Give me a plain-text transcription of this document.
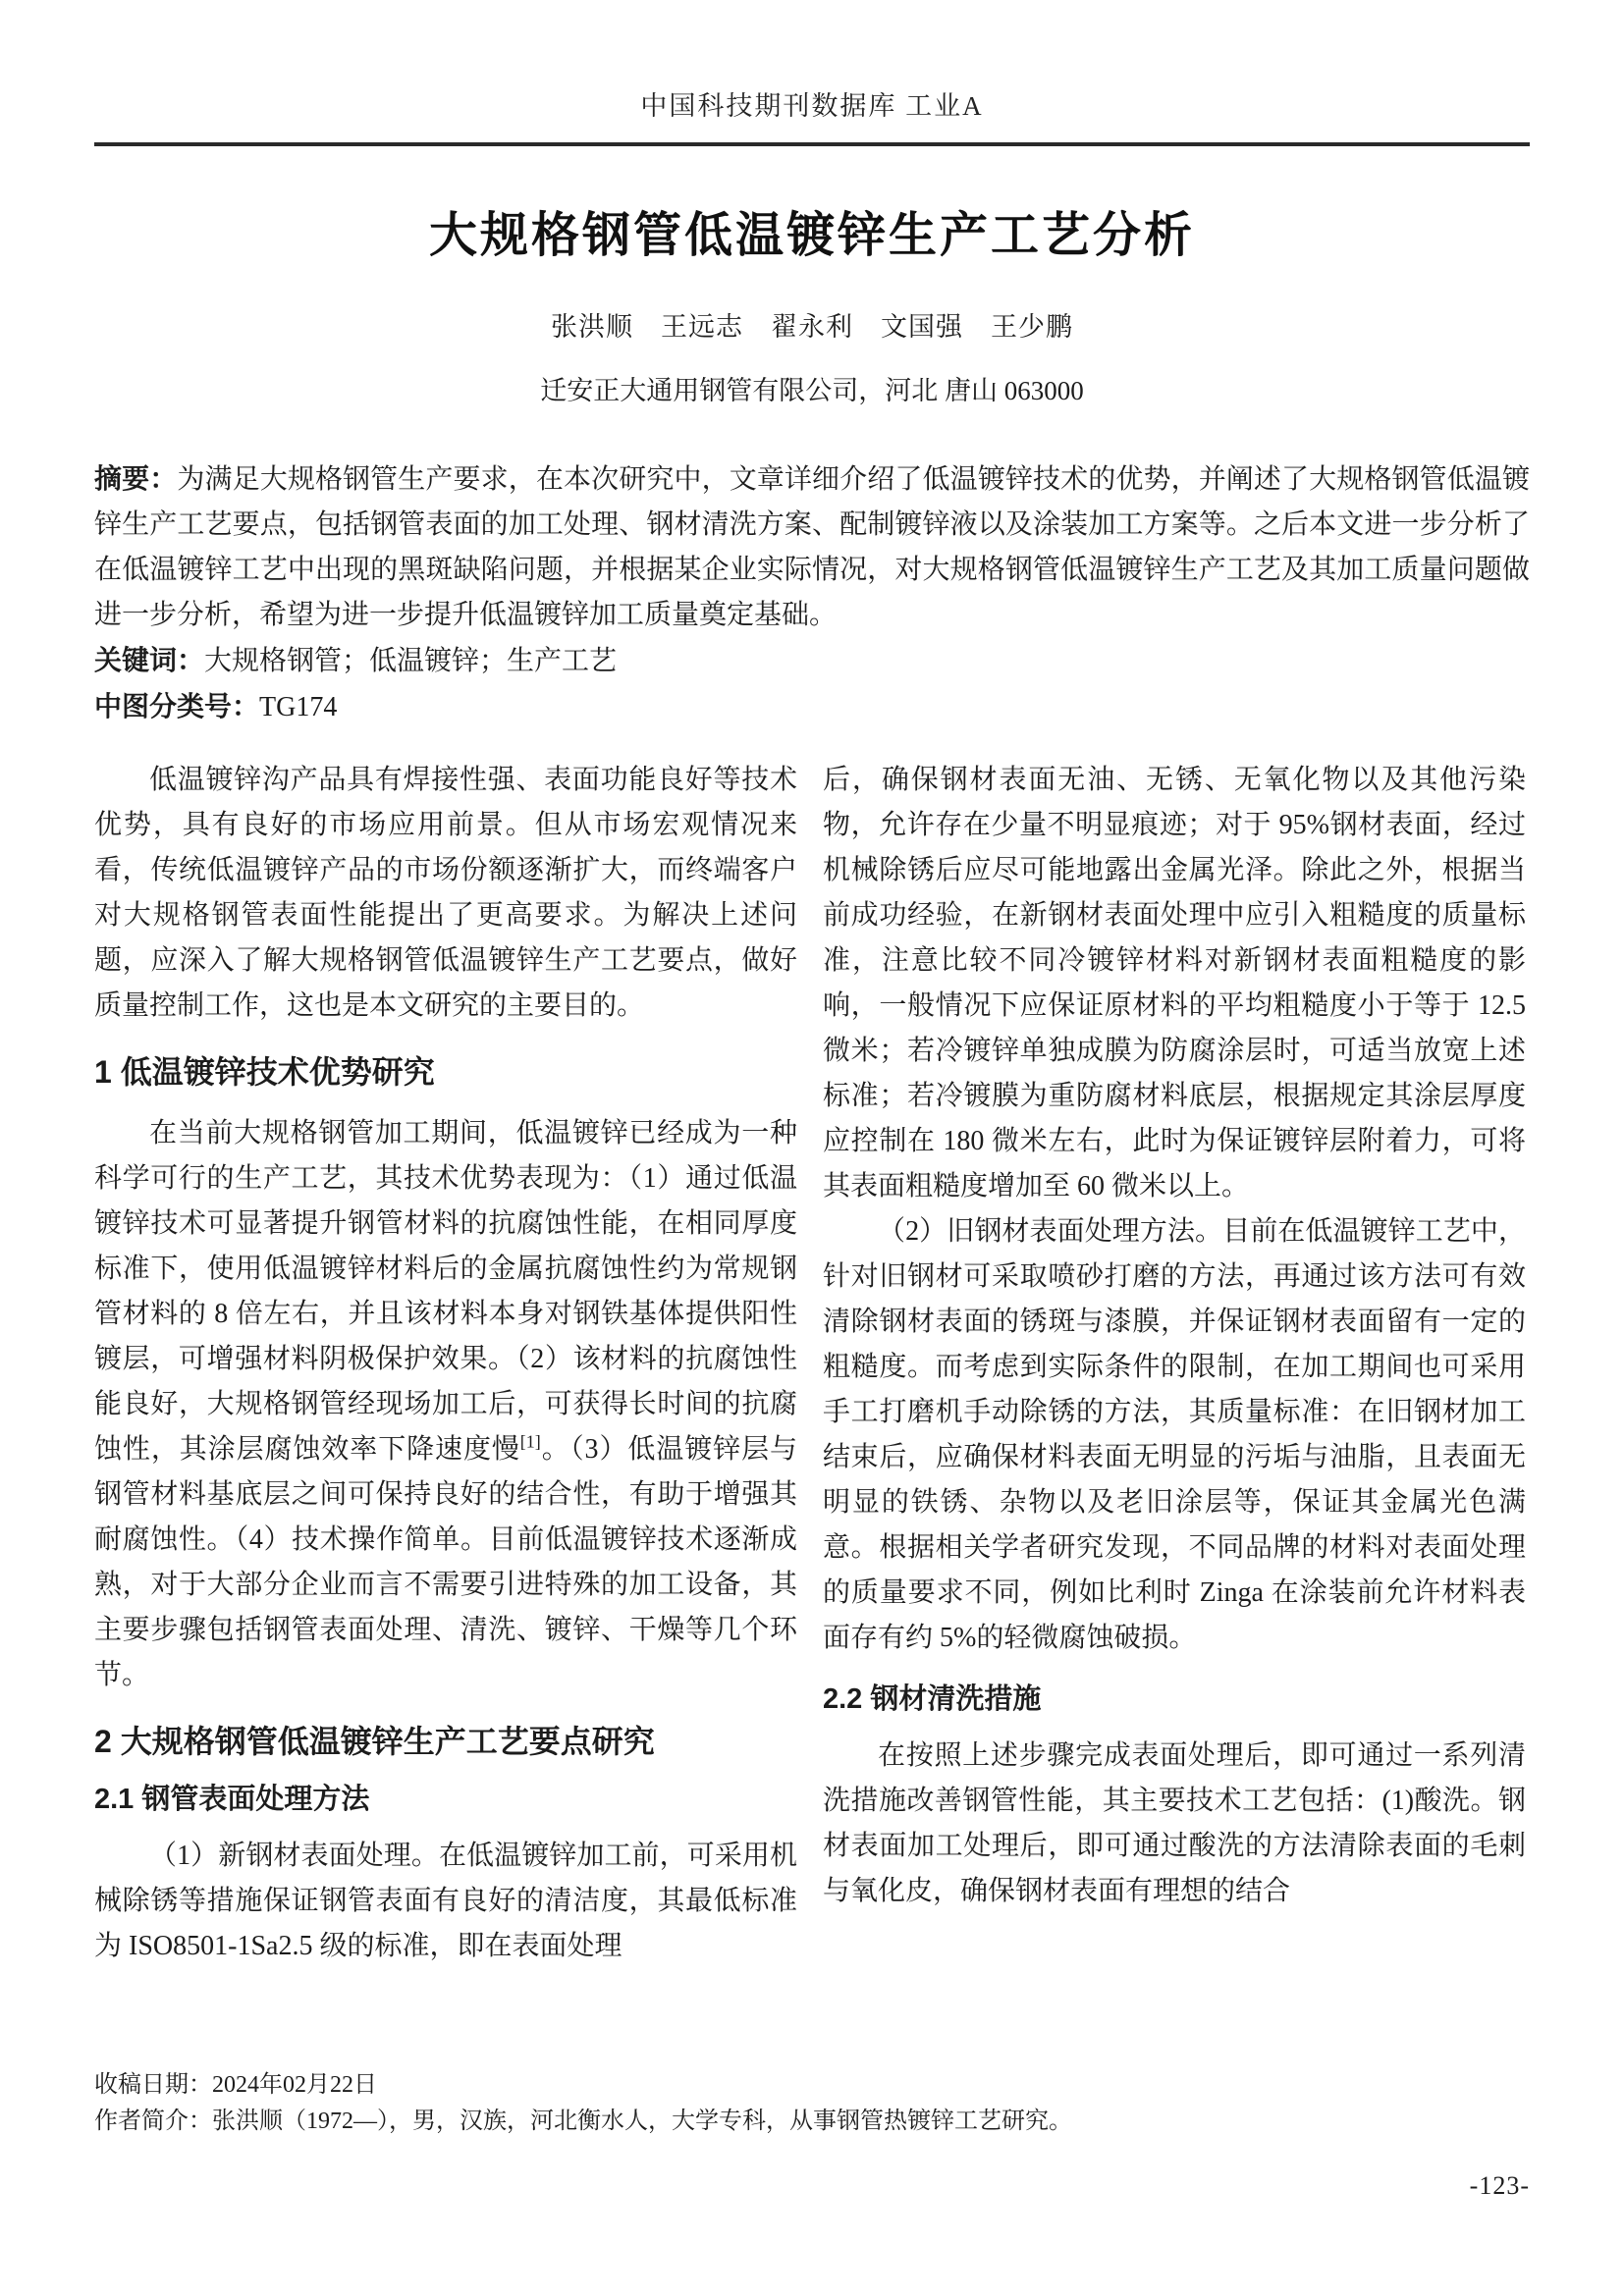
中国科技期刊数据库 工业A
大规格钢管低温镀锌生产工艺分析
张洪顺　王远志　翟永利　文国强　王少鹏
迁安正大通用钢管有限公司，河北 唐山 063000

摘要：为满足大规格钢管生产要求，在本次研究中，文章详细介绍了低温镀锌技术的优势，并阐述了大规格钢管低温镀锌生产工艺要点，包括钢管表面的加工处理、钢材清洗方案、配制镀锌液以及涂装加工方案等。之后本文进一步分析了在低温镀锌工艺中出现的黑斑缺陷问题，并根据某企业实际情况，对大规格钢管低温镀锌生产工艺及其加工质量问题做进一步分析，希望为进一步提升低温镀锌加工质量奠定基础。

关键词：大规格钢管；低温镀锌；生产工艺

中图分类号：TG174

低温镀锌沟产品具有焊接性强、表面功能良好等技术优势，具有良好的市场应用前景。但从市场宏观情况来看，传统低温镀锌产品的市场份额逐渐扩大，而终端客户对大规格钢管表面性能提出了更高要求。为解决上述问题，应深入了解大规格钢管低温镀锌生产工艺要点，做好质量控制工作，这也是本文研究的主要目的。

1 低温镀锌技术优势研究

在当前大规格钢管加工期间，低温镀锌已经成为一种科学可行的生产工艺，其技术优势表现为：（1）通过低温镀锌技术可显著提升钢管材料的抗腐蚀性能，在相同厚度标准下，使用低温镀锌材料后的金属抗腐蚀性约为常规钢管材料的 8 倍左右，并且该材料本身对钢铁基体提供阳性镀层，可增强材料阴极保护效果。（2）该材料的抗腐蚀性能良好，大规格钢管经现场加工后，可获得长时间的抗腐蚀性，其涂层腐蚀效率下降速度慢[1]。（3）低温镀锌层与钢管材料基底层之间可保持良好的结合性，有助于增强其耐腐蚀性。（4）技术操作简单。目前低温镀锌技术逐渐成熟，对于大部分企业而言不需要引进特殊的加工设备，其主要步骤包括钢管表面处理、清洗、镀锌、干燥等几个环节。

2 大规格钢管低温镀锌生产工艺要点研究
2.1 钢管表面处理方法

（1）新钢材表面处理。在低温镀锌加工前，可采用机械除锈等措施保证钢管表面有良好的清洁度，其最低标准为 ISO8501-1Sa2.5 级的标准，即在表面处理

后，确保钢材表面无油、无锈、无氧化物以及其他污染物，允许存在少量不明显痕迹；对于 95%钢材表面，经过机械除锈后应尽可能地露出金属光泽。除此之外，根据当前成功经验，在新钢材表面处理中应引入粗糙度的质量标准，注意比较不同冷镀锌材料对新钢材表面粗糙度的影响，一般情况下应保证原材料的平均粗糙度小于等于 12.5 微米；若冷镀锌单独成膜为防腐涂层时，可适当放宽上述标准；若冷镀膜为重防腐材料底层，根据规定其涂层厚度应控制在 180 微米左右，此时为保证镀锌层附着力，可将其表面粗糙度增加至 60 微米以上。

（2）旧钢材表面处理方法。目前在低温镀锌工艺中，针对旧钢材可采取喷砂打磨的方法，再通过该方法可有效清除钢材表面的锈斑与漆膜，并保证钢材表面留有一定的粗糙度。而考虑到实际条件的限制，在加工期间也可采用手工打磨机手动除锈的方法，其质量标准：在旧钢材加工结束后，应确保材料表面无明显的污垢与油脂，且表面无明显的铁锈、杂物以及老旧涂层等，保证其金属光色满意。根据相关学者研究发现，不同品牌的材料对表面处理的质量要求不同，例如比利时 Zinga 在涂装前允许材料表面存有约 5%的轻微腐蚀破损。

2.2 钢材清洗措施

在按照上述步骤完成表面处理后，即可通过一系列清洗措施改善钢管性能，其主要技术工艺包括：(1)酸洗。钢材表面加工处理后，即可通过酸洗的方法清除表面的毛刺与氧化皮，确保钢材表面有理想的结合

收稿日期：2024年02月22日

作者简介：张洪顺（1972—），男，汉族，河北衡水人，大学专科，从事钢管热镀锌工艺研究。

-123-
